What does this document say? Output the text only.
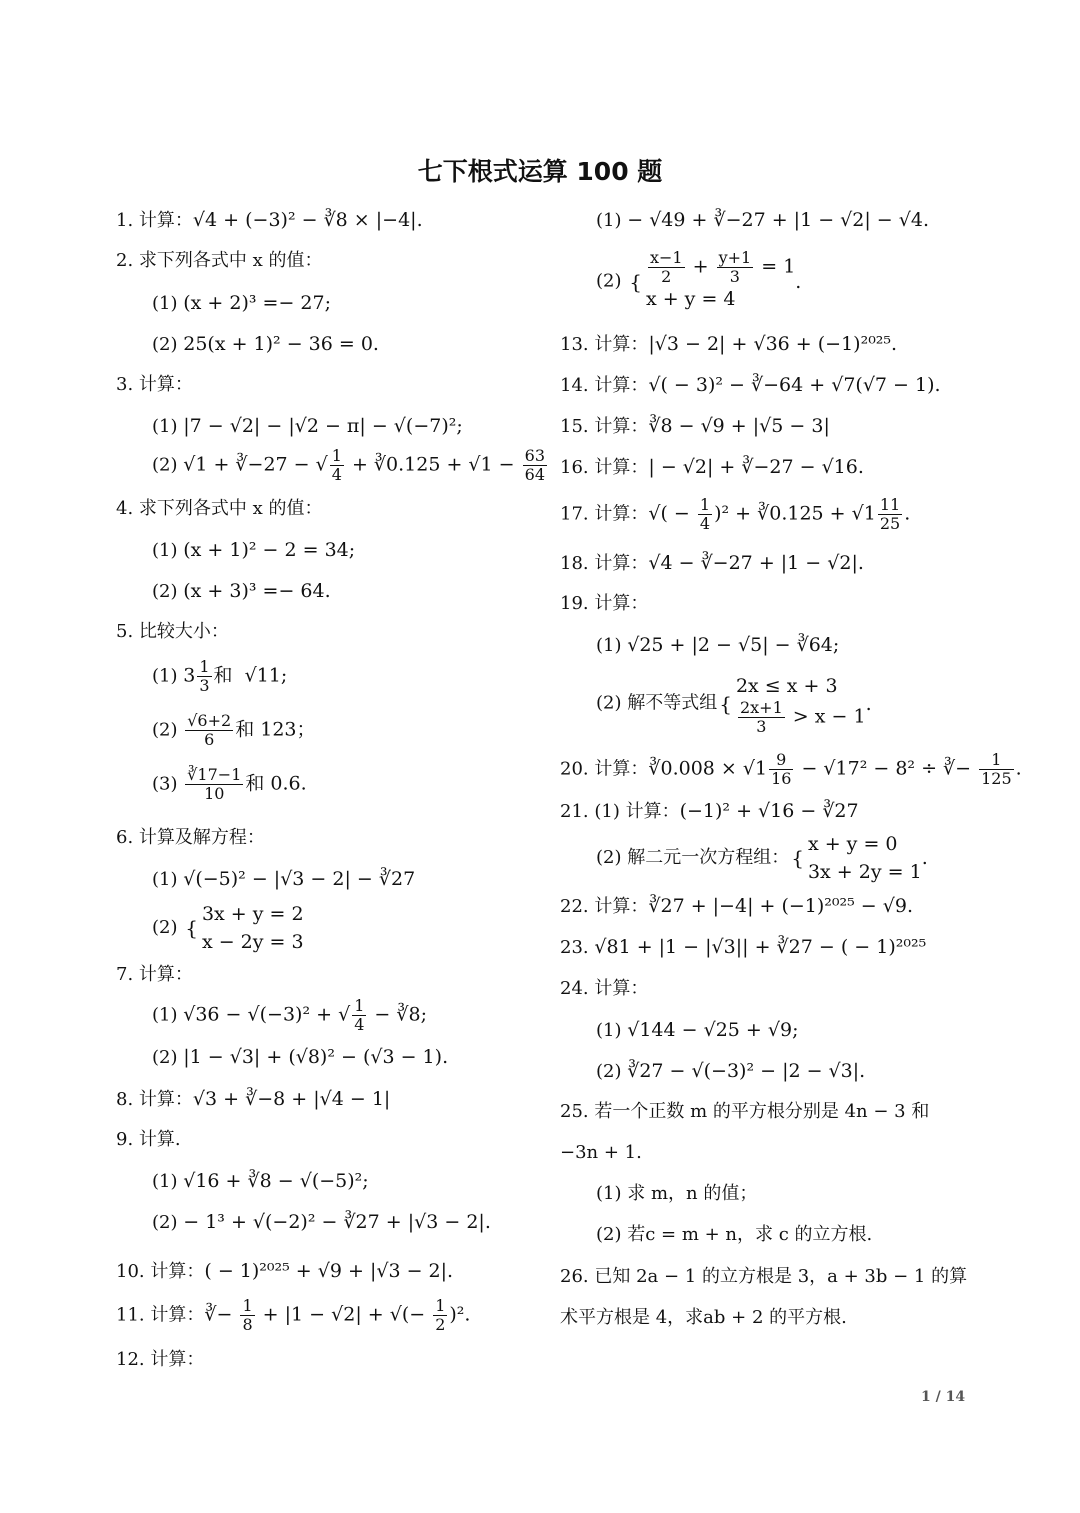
七下根式运算 100 题
1. 计算：√4 + (−3)² − ∛8 × |−4|.
2. 求下列各式中 x 的值：
(1) (x + 2)³ =− 27;
(2) 25(x + 1)² − 36 = 0.
3. 计算：
(1) |7 − √2| − |√2 − π| − √(−7)²;
(2) √1 + ∛−27 − √ $\frac{1}{4}$ + ∛0.125 + $√1 - \frac{63}{64}$
4. 求下列各式中 x 的值：
(1) (x + 1)² − 2 = 34;
(2) (x + 3)³ =− 64.
5. 比较大小：
(1) $3 \frac{1}{3}$ 和  √11;
$(2) \frac{√6+2}{6}$ 和 123；
$(3) \frac{∛17-1}{10}$ 和 0.6.
6. 计算及解方程：
(1) √(−5)² − |√3 − 2| − ∛27
(2) {
3x + y = 2
x − 2y = 3
7. 计算：
(1) √36 − √(−3)² + √ $\frac{1}{4}$ − ∛8;
(2) |1 − √3| + (√8)² − (√3 − 1).
8. 计算：√3 + ∛−8 + |√4 − 1|
9. 计算.
(1) √16 + ∛8 − √(−5)²;
(2) − 1³ + √(−2)² − ∛27 + |√3 − 2|.
10. 计算：( − 1)²⁰²⁵ + √9 + |√3 − 2|.
11. 计算：∛− $\frac{1}{8} + |1 - √2|$ + √(− $\frac{1}{2} )^2$.
12. 计算：
(1) − √49 + ∛−27 + |1 − √2| − √4.
(2) { $\frac{x-1}{2} + \frac{y+1}{3} = 1$
x + y = 4
.
13. 计算：|√3 − 2| + √36 + (−1)²⁰²⁵.
14. 计算：√( − 3)² − ∛−64 + √7(√7 − 1).
15. 计算：∛8 − √9 + |√5 − 3|
16. 计算：| − √2| + ∛−27 − √16.
17. 计算：√( − $\frac{1}{4} )^2$ + ∛0.125 + $√1 \frac{11}{25}$ .
18. 计算：√4 − ∛−27 + |1 − √2|.
19. 计算：
(1) √25 + |2 − √5| − ∛64;
(2) 解不等式组 {
2x ≤ x + 3
$\frac{2x+1}{3} > x - 1$
.
20. 计算：∛0.008 × $√1 \frac{9}{16} - √17^2 - 8^2$ ÷ ∛− $\frac{1}{125}$ .
21. (1) 计算：(−1)² + √16 − ∛27
(2) 解二元一次方程组： {
x + y = 0
3x + 2y = 1
.
22. 计算：∛27 + |−4| + (−1)²⁰²⁵ − √9.
23. √81 + |1 − |√3|| + ∛27 − ( − 1)²⁰²⁵
24. 计算：
(1) √144 − √25 + √9;
(2) ∛27 − √(−3)² − |2 − √3|.
25. 若一个正数 m 的平方根分别是 4n − 3 和
−3n + 1.
(1) 求 m，n 的值；
(2) 若c = m + n，求 c 的立方根.
26. 已知 2a − 1 的立方根是 3，a + 3b − 1 的算
术平方根是 4，求ab + 2 的平方根.
1 / 14
